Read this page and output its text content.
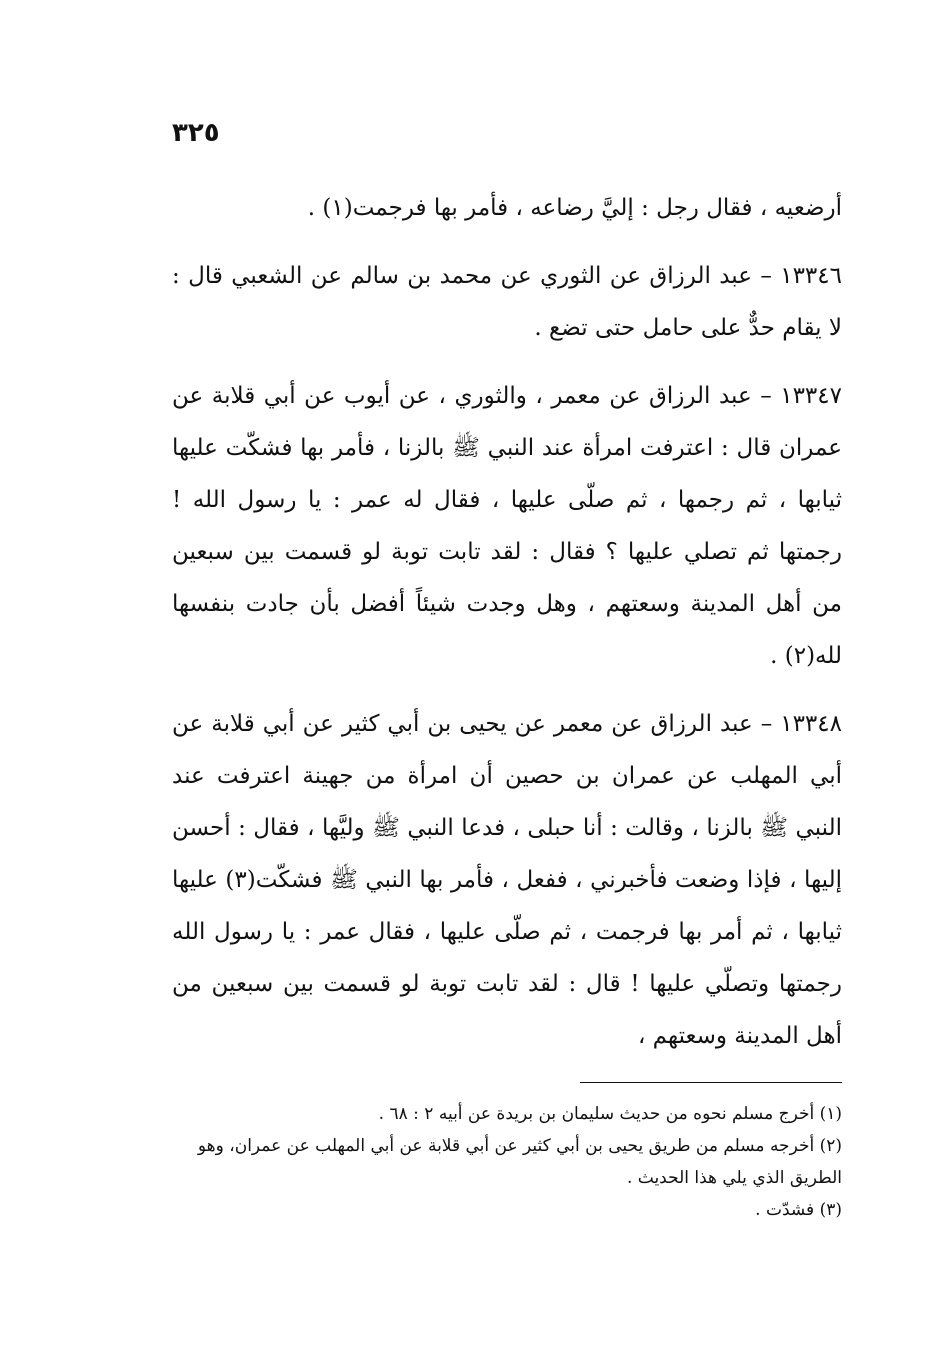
٣٢٥

أرضعيه ، فقال رجل : إليَّ رضاعه ، فأمر بها فرجمت(١) .

١٣٣٤٦ – عبد الرزاق عن الثوري عن محمد بن سالم عن الشعبي قال : لا يقام حدٌّ على حامل حتى تضع .

١٣٣٤٧ – عبد الرزاق عن معمر ، والثوري ، عن أيوب عن أبي قلابة عن عمران قال : اعترفت امرأة عند النبي ﷺ بالزنا ، فأمر بها فشكّت عليها ثيابها ، ثم رجمها ، ثم صلّى عليها ، فقال له عمر : يا رسول الله ! رجمتها ثم تصلي عليها ؟ فقال : لقد تابت توبة لو قسمت بين سبعين من أهل المدينة وسعتهم ، وهل وجدت شيئاً أفضل بأن جادت بنفسها لله(٢) .

١٣٣٤٨ – عبد الرزاق عن معمر عن يحيى بن أبي كثير عن أبي قلابة عن أبي المهلب عن عمران بن حصين أن امرأة من جهينة اعترفت عند النبي ﷺ بالزنا ، وقالت : أنا حبلى ، فدعا النبي ﷺ وليَّها ، فقال : أحسن إليها ، فإذا وضعت فأخبرني ، ففعل ، فأمر بها النبي ﷺ فشكّت(٣) عليها ثيابها ، ثم أمر بها فرجمت ، ثم صلّى عليها ، فقال عمر : يا رسول الله رجمتها وتصلّي عليها ! قال : لقد تابت توبة لو قسمت بين سبعين من أهل المدينة وسعتهم ،

(١) أخرج مسلم نحوه من حديث سليمان بن بريدة عن أبيه ٢ : ٦٨ .

(٢) أخرجه مسلم من طريق يحيى بن أبي كثير عن أبي قلابة عن أبي المهلب عن عمران، وهو الطريق الذي يلي هذا الحديث .

(٣) فشدّت .
